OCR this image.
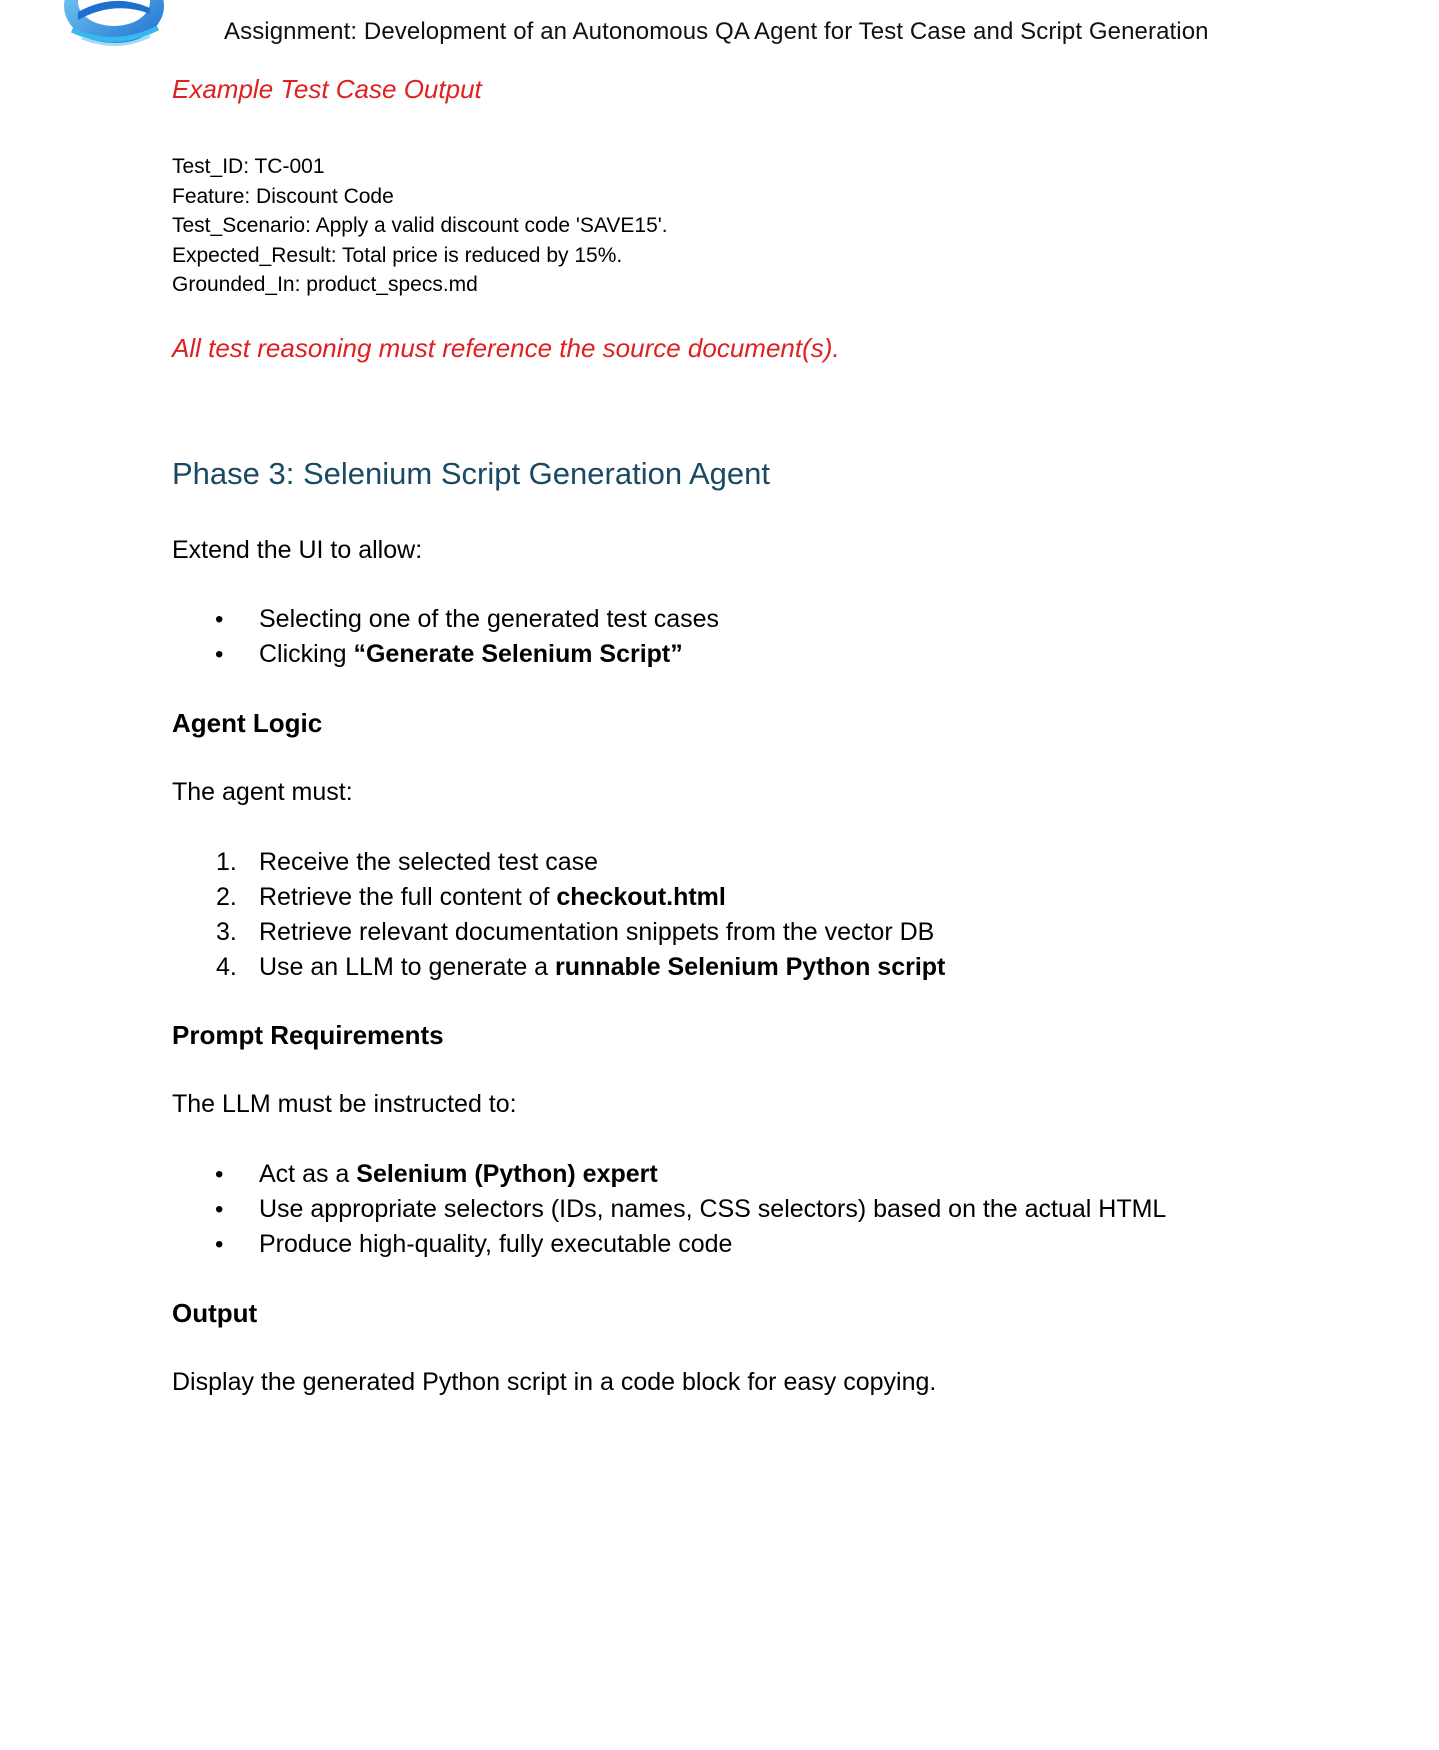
Assignment: Development of an Autonomous QA Agent for Test Case and Script Generation
Example Test Case Output
Test_ID: TC-001
Feature: Discount Code
Test_Scenario: Apply a valid discount code 'SAVE15'.
Expected_Result: Total price is reduced by 15%.
Grounded_In: product_specs.md
All test reasoning must reference the source document(s).
Phase 3: Selenium Script Generation Agent
Extend the UI to allow:
• Selecting one of the generated test cases
• Clicking “Generate Selenium Script”
Agent Logic
The agent must:
1. Receive the selected test case
2. Retrieve the full content of checkout.html
3. Retrieve relevant documentation snippets from the vector DB
4. Use an LLM to generate a runnable Selenium Python script
Prompt Requirements
The LLM must be instructed to:
• Act as a Selenium (Python) expert
• Use appropriate selectors (IDs, names, CSS selectors) based on the actual HTML
• Produce high-quality, fully executable code
Output
Display the generated Python script in a code block for easy copying.
